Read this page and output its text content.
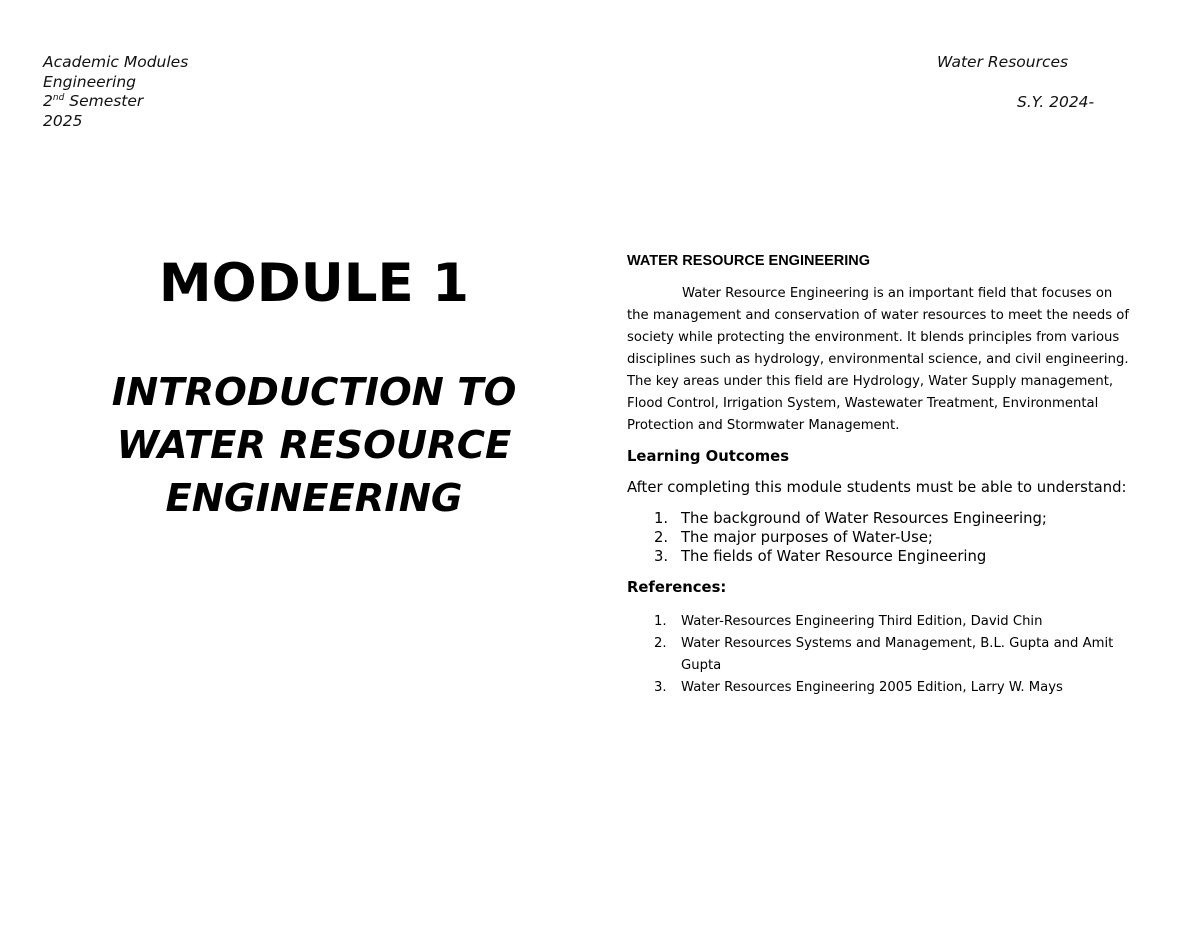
Academic Modules
Engineering
2nd Semester
2025
Water Resources
S.Y. 2024-
MODULE 1
INTRODUCTION TO
WATER RESOURCE
ENGINEERING
WATER RESOURCE ENGINEERING
Water Resource Engineering is an important field that focuses on
the management and conservation of water resources to meet the needs of
society while protecting the environment. It blends principles from various
disciplines such as hydrology, environmental science, and civil engineering.
The key areas under this field are Hydrology, Water Supply management,
Flood Control, Irrigation System, Wastewater Treatment, Environmental
Protection and Stormwater Management.
Learning Outcomes
After completing this module students must be able to understand:
1. The background of Water Resources Engineering;
2. The major purposes of Water-Use;
3. The fields of Water Resource Engineering
References:
1. Water-Resources Engineering Third Edition, David Chin
2. Water Resources Systems and Management, B.L. Gupta and Amit Gupta
3. Water Resources Engineering 2005 Edition, Larry W. Mays
